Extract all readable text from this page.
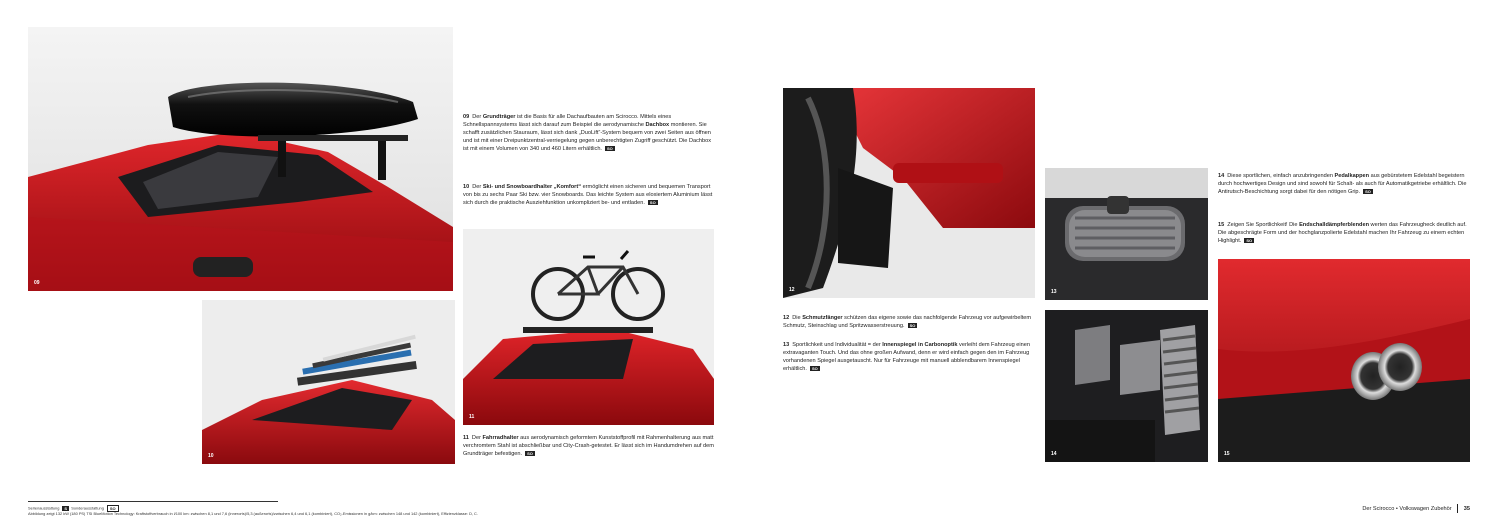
09
10
11
12	13
14	15
09 Der Grundträger ist die Basis für alle Dachaufbauten am Scirocco. Mittels eines Schnellspannsystems lässt sich darauf zum Beispiel die aerodynamische Dachbox montieren. Sie schafft zusätzlichen Stauraum, lässt sich dank „DuoLift“-System bequem von zwei Seiten aus öffnen und ist mit einer Dreipunktzentral-verriegelung gegen unberechtigten Zugriff geschützt. Die Dachbox ist mit einem Volumen von 340 und 460 Litern erhältlich. SO
10 Der Ski- und Snowboardhalter „Komfort“ ermöglicht einen sicheren und bequemen Transport von bis zu sechs Paar Ski bzw. vier Snowboards. Das leichte System aus eloxiertem Aluminium lässt sich durch die praktische Ausziehfunktion unkompliziert be- und entladen. SO
11 Der Fahrradhalter aus aerodynamisch geformtem Kunststoffprofil mit Rahmenhalterung aus matt verchromtem Stahl ist abschließbar und City-Crash-getestet. Er lässt sich im Handumdrehen auf dem Grundträger befestigen. SO
12 Die Schmutzfänger schützen das eigene sowie das nachfolgende Fahrzeug vor aufgewirbeltem Schmutz, Steinschlag und Spritzwasserstreuung. SO
13 Sportlichkeit und Individualität = der Innenspiegel in Carbonoptik verleiht dem Fahrzeug einen extravaganten Touch. Und das ohne großen Aufwand, denn er wird einfach gegen den im Fahrzeug vorhandenen Spiegel ausgetauscht. Nur für Fahrzeuge mit manuell abblendbarem Innenspiegel erhältlich. SO
14 Diese sportlichen, einfach anzubringenden Pedalkappen aus gebürstetem Edelstahl begeistern durch hochwertiges Design und sind sowohl für Schalt- als auch für Automatikgetriebe erhältlich. Die Antirutsch-Beschichtung sorgt dabei für den nötigen Grip. SO
15 Zeigen Sie Sportlichkeit! Die Endschalldämpferblenden werten das Fahrzeugheck deutlich auf. Die abgeschrägte Form und der hochglanzpolierte Edelstahl machen Ihr Fahrzeug zu einem echten Highlight. SO
Serienausstattung S Sonderausstattung SO
Abbildung zeigt 132 kW (180 PS) TSI BlueMotion Technology: Kraftstoffverbrauch in l/100 km: zwischen 8,1 und 7,6 (innerorts)/5,3 (außerorts)/zwischen 6,4 und 6,1 (kombiniert), CO₂-Emissionen in g/km: zwischen 148 und 142 (kombiniert), Effizienzklasse: D, C.
Der Scirocco • Volkswagen Zubehör 35
